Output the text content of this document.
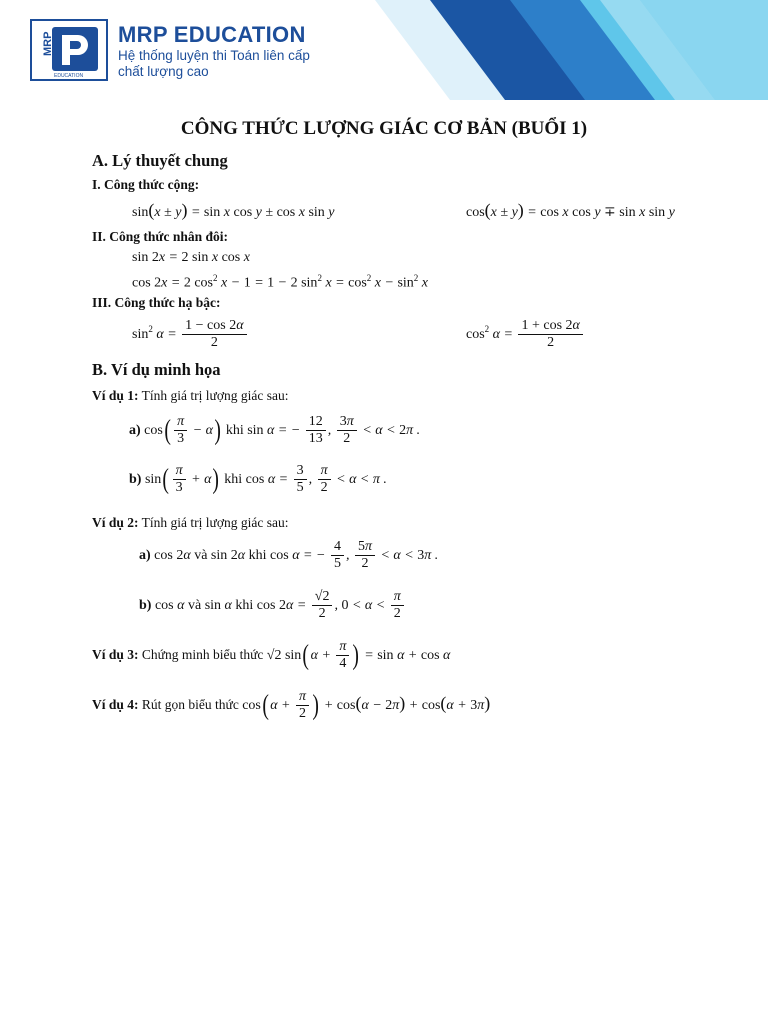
MRP
EDUCATION
MRP EDUCATION
Hệ thống luyện thi Toán liên cấp
chất lượng cao
CÔNG THỨC LƯỢNG GIÁC CƠ BẢN (BUỔI 1)
A. Lý thuyết chung
I. Công thức cộng:
sin(x ± y) = sin x cos y ± cos x sin y	cos(x ± y) = cos x cos y ∓ sin x sin y
II. Công thức nhân đôi:
sin 2x = 2 sin x cos x
cos 2x = 2 $\cos^2 x - 1 = 1 - 2$ $\sin^2 x = \cos^2 x - \sin^2 x$
III. Công thức hạ bậc:
$\sin^2 \alpha = \frac{1 - \cos 2\alpha}{2}$	$\cos^2 \alpha = \frac{1 + \cos 2\alpha}{2}$
B. Ví dụ minh họa
Ví dụ 1: Tính giá trị lượng giác sau:
a) $\cos( \frac{\pi}{3} - \alpha)$ khi sin α = − $\frac{12}{13}$ , $\frac{3\pi}{2} < \alpha < 2\pi$ .
b) $\sin( \frac{\pi}{3} + \alpha)$ khi $\cos \alpha = \frac{3}{5}$ , $\frac{\pi}{2} < \alpha < \pi$ .
Ví dụ 2: Tính giá trị lượng giác sau:
a) cos 2α và sin 2α khi cos α = − $\frac{4}{5}$ , $\frac{5\pi}{2} < \alpha < 3\pi$ .
b) cos α và sin α khi $\cos 2\alpha = \frac{√2}{2}$ , $0 < \alpha < \frac{\pi}{2}$
Ví dụ 3: Chứng minh biểu thức √2 $\sin(\alpha + \frac{\pi}{4}$ ) = sin α + cos α
Ví dụ 4: Rút gọn biểu thức $\cos(\alpha + \frac{\pi}{2}$ ) + cos(α − 2π) + cos(α + 3π)
